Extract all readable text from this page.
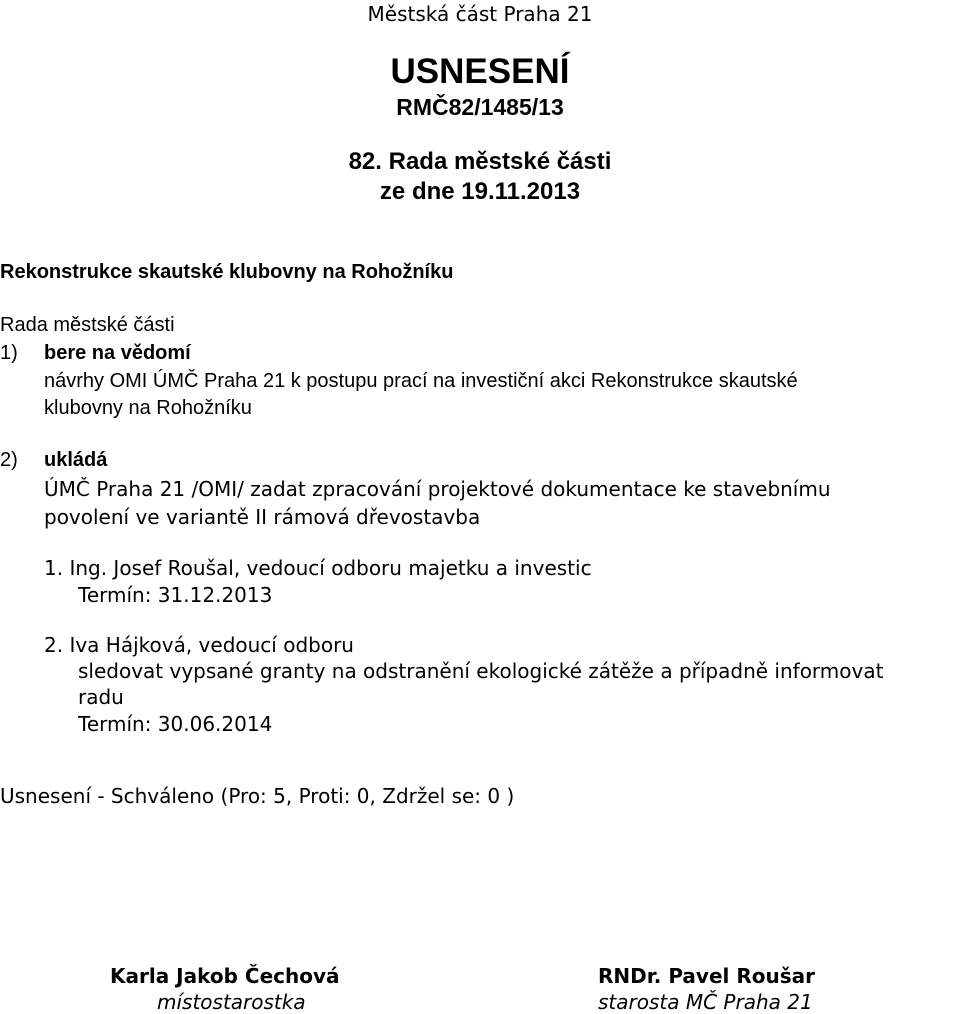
Městská část Praha 21
USNESENÍ
RMČ82/1485/13
82. Rada městské části
ze dne 19.11.2013
Rekonstrukce skautské klubovny na Rohožníku
Rada městské části
1) bere na vědomí
návrhy OMI ÚMČ Praha 21 k postupu prací na investiční akci Rekonstrukce skautské
klubovny na Rohožníku
2) ukládá
ÚMČ Praha 21 /OMI/ zadat zpracování projektové dokumentace ke stavebnímu
povolení ve variantě II rámová dřevostavba
1. Ing. Josef Roušal, vedoucí odboru majetku a investic
Termín: 31.12.2013
2. Iva Hájková, vedoucí odboru
sledovat vypsané granty na odstranění ekologické zátěže a případně informovat
radu
Termín: 30.06.2014
Usnesení - Schváleno (Pro: 5, Proti: 0, Zdržel se: 0 )
Karla Jakob Čechová
místostarostka
RNDr. Pavel Roušar
starosta MČ Praha 21
